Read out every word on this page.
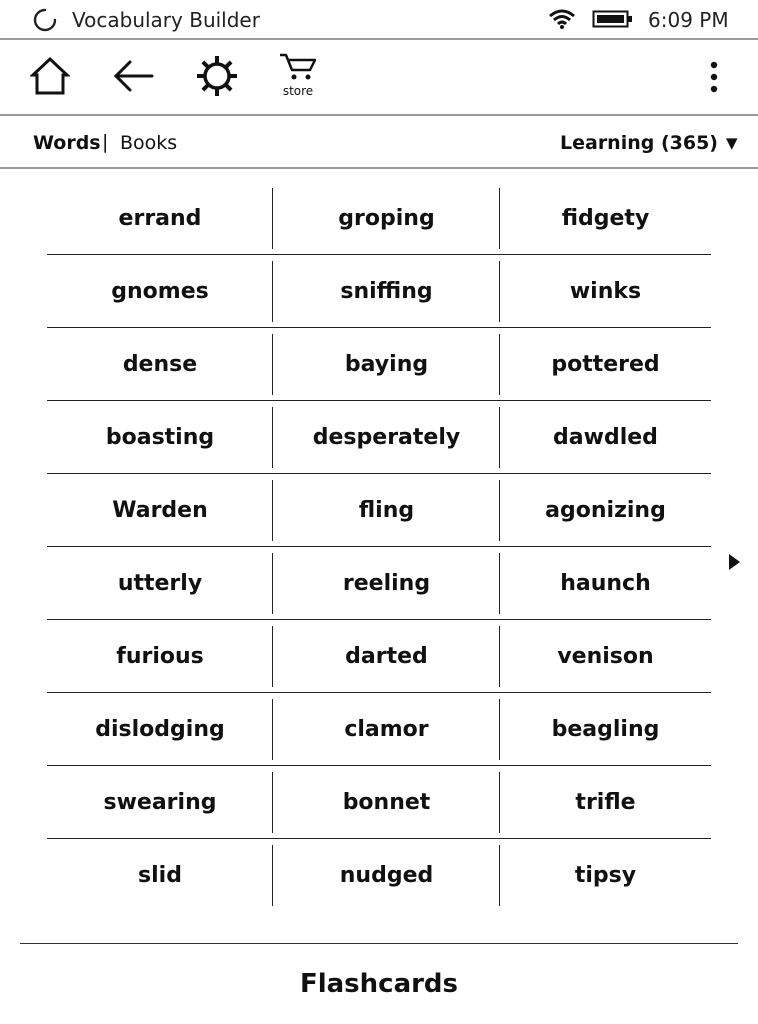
Vocabulary Builder	6:09 PM
store
Words | Books	Learning (365) ▼
errand	groping	fidgety
gnomes	sniffing	winks
dense	baying	pottered
boasting	desperately	dawdled
Warden	fling	agonizing
utterly	reeling	haunch
furious	darted	venison
dislodging	clamor	beagling
swearing	bonnet	trifle
slid	nudged	tipsy
Flashcards
